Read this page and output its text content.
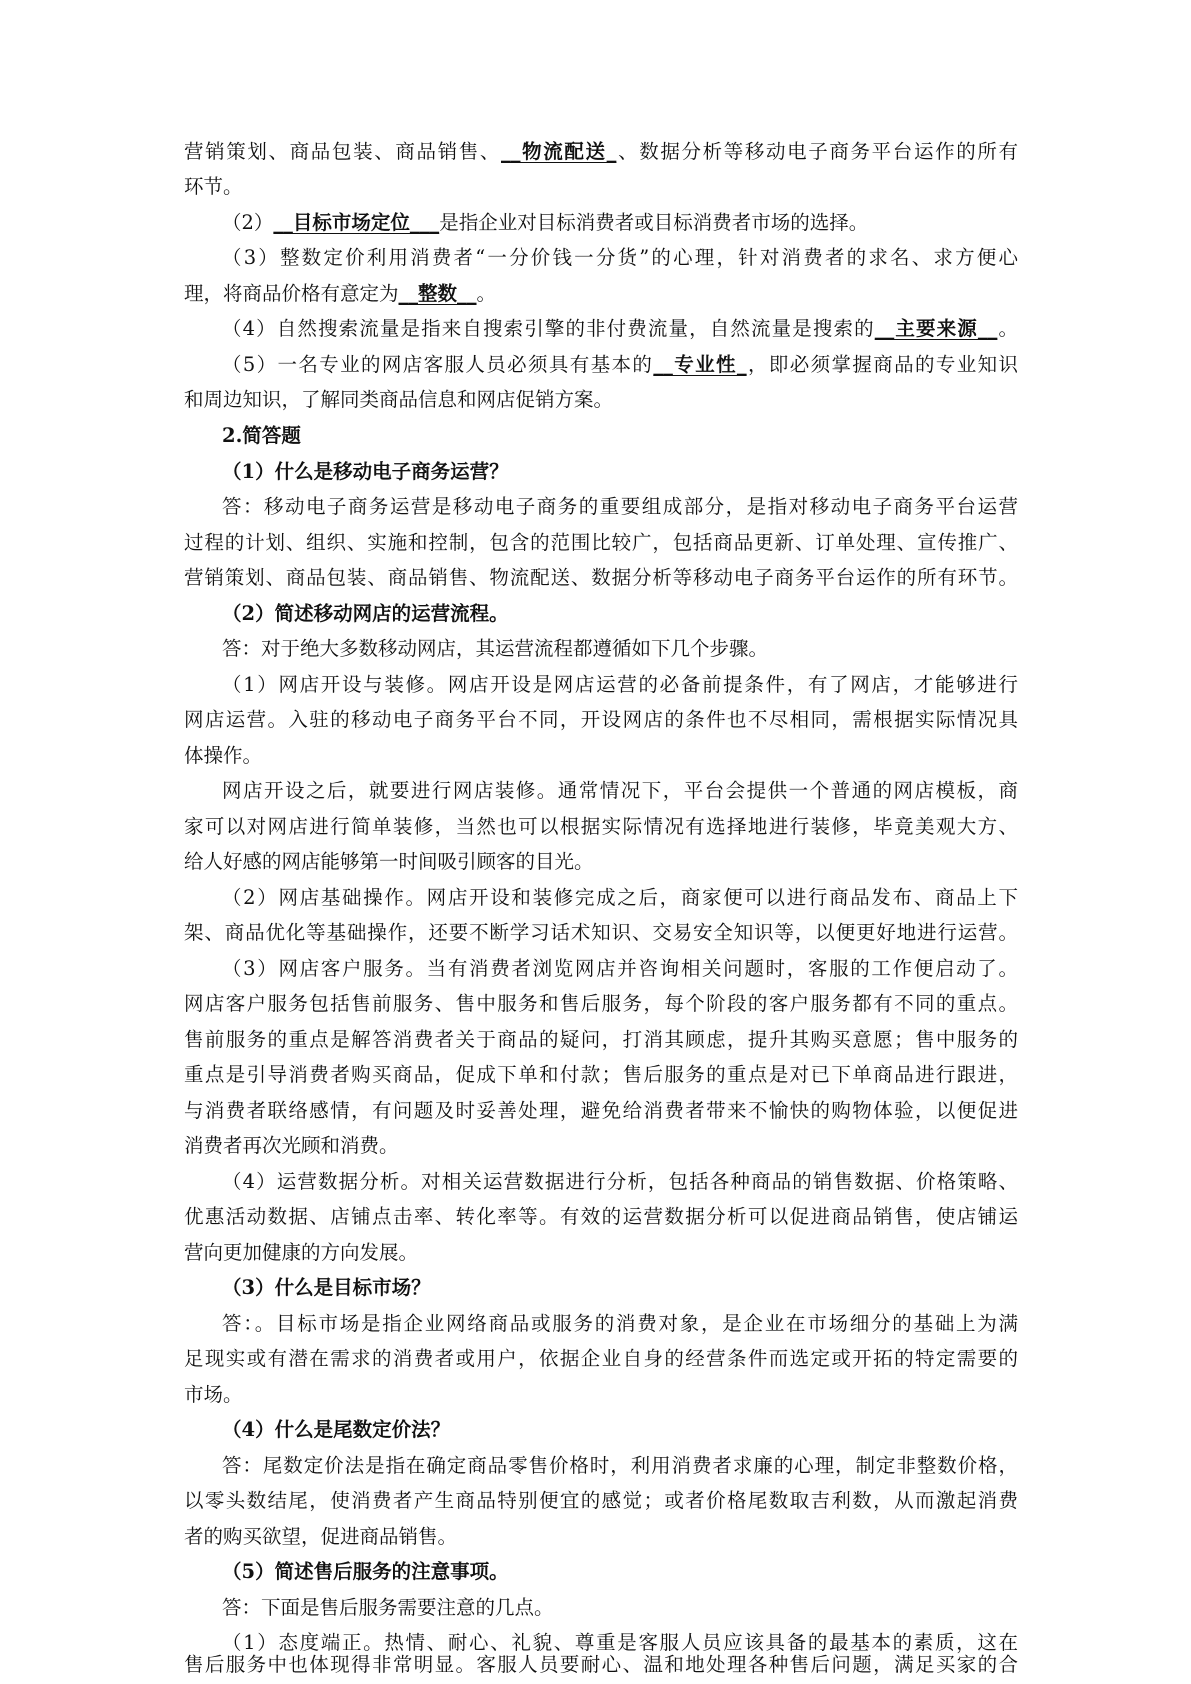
营销策划、商品包装、商品销售、__物流配送_、数据分析等移动电子商务平台运作的所有
环节。
（2）__目标市场定位___是指企业对目标消费者或目标消费者市场的选择。
（3）整数定价利用消费者“一分价钱一分货”的心理，针对消费者的求名、求方便心
理，将商品价格有意定为__整数__。
（4）自然搜索流量是指来自搜索引擎的非付费流量，自然流量是搜索的__主要来源__。
（5）一名专业的网店客服人员必须具有基本的__专业性_，即必须掌握商品的专业知识
和周边知识，了解同类商品信息和网店促销方案。
2.简答题
（1）什么是移动电子商务运营？
答：移动电子商务运营是移动电子商务的重要组成部分，是指对移动电子商务平台运营
过程的计划、组织、实施和控制，包含的范围比较广，包括商品更新、订单处理、宣传推广、
营销策划、商品包装、商品销售、物流配送、数据分析等移动电子商务平台运作的所有环节。
（2）简述移动网店的运营流程。
答：对于绝大多数移动网店，其运营流程都遵循如下几个步骤。
（1）网店开设与装修。网店开设是网店运营的必备前提条件，有了网店，才能够进行
网店运营。入驻的移动电子商务平台不同，开设网店的条件也不尽相同，需根据实际情况具
体操作。
网店开设之后，就要进行网店装修。通常情况下，平台会提供一个普通的网店模板，商
家可以对网店进行简单装修，当然也可以根据实际情况有选择地进行装修，毕竟美观大方、
给人好感的网店能够第一时间吸引顾客的目光。
（2）网店基础操作。网店开设和装修完成之后，商家便可以进行商品发布、商品上下
架、商品优化等基础操作，还要不断学习话术知识、交易安全知识等，以便更好地进行运营。
（3）网店客户服务。当有消费者浏览网店并咨询相关问题时，客服的工作便启动了。
网店客户服务包括售前服务、售中服务和售后服务，每个阶段的客户服务都有不同的重点。
售前服务的重点是解答消费者关于商品的疑问，打消其顾虑，提升其购买意愿；售中服务的
重点是引导消费者购买商品，促成下单和付款；售后服务的重点是对已下单商品进行跟进，
与消费者联络感情，有问题及时妥善处理，避免给消费者带来不愉快的购物体验，以便促进
消费者再次光顾和消费。
（4）运营数据分析。对相关运营数据进行分析，包括各种商品的销售数据、价格策略、
优惠活动数据、店铺点击率、转化率等。有效的运营数据分析可以促进商品销售，使店铺运
营向更加健康的方向发展。
（3）什么是目标市场？
答：。目标市场是指企业网络商品或服务的消费对象，是企业在市场细分的基础上为满
足现实或有潜在需求的消费者或用户，依据企业自身的经营条件而选定或开拓的特定需要的
市场。
（4）什么是尾数定价法？
答：尾数定价法是指在确定商品零售价格时，利用消费者求廉的心理，制定非整数价格，
以零头数结尾，使消费者产生商品特别便宜的感觉；或者价格尾数取吉利数，从而激起消费
者的购买欲望，促进商品销售。
（5）简述售后服务的注意事项。
答：下面是售后服务需要注意的几点。
（1）态度端正。热情、耐心、礼貌、尊重是客服人员应该具备的最基本的素质，这在
售后服务中也体现得非常明显。客服人员要耐心、温和地处理各种售后问题，满足买家的合
